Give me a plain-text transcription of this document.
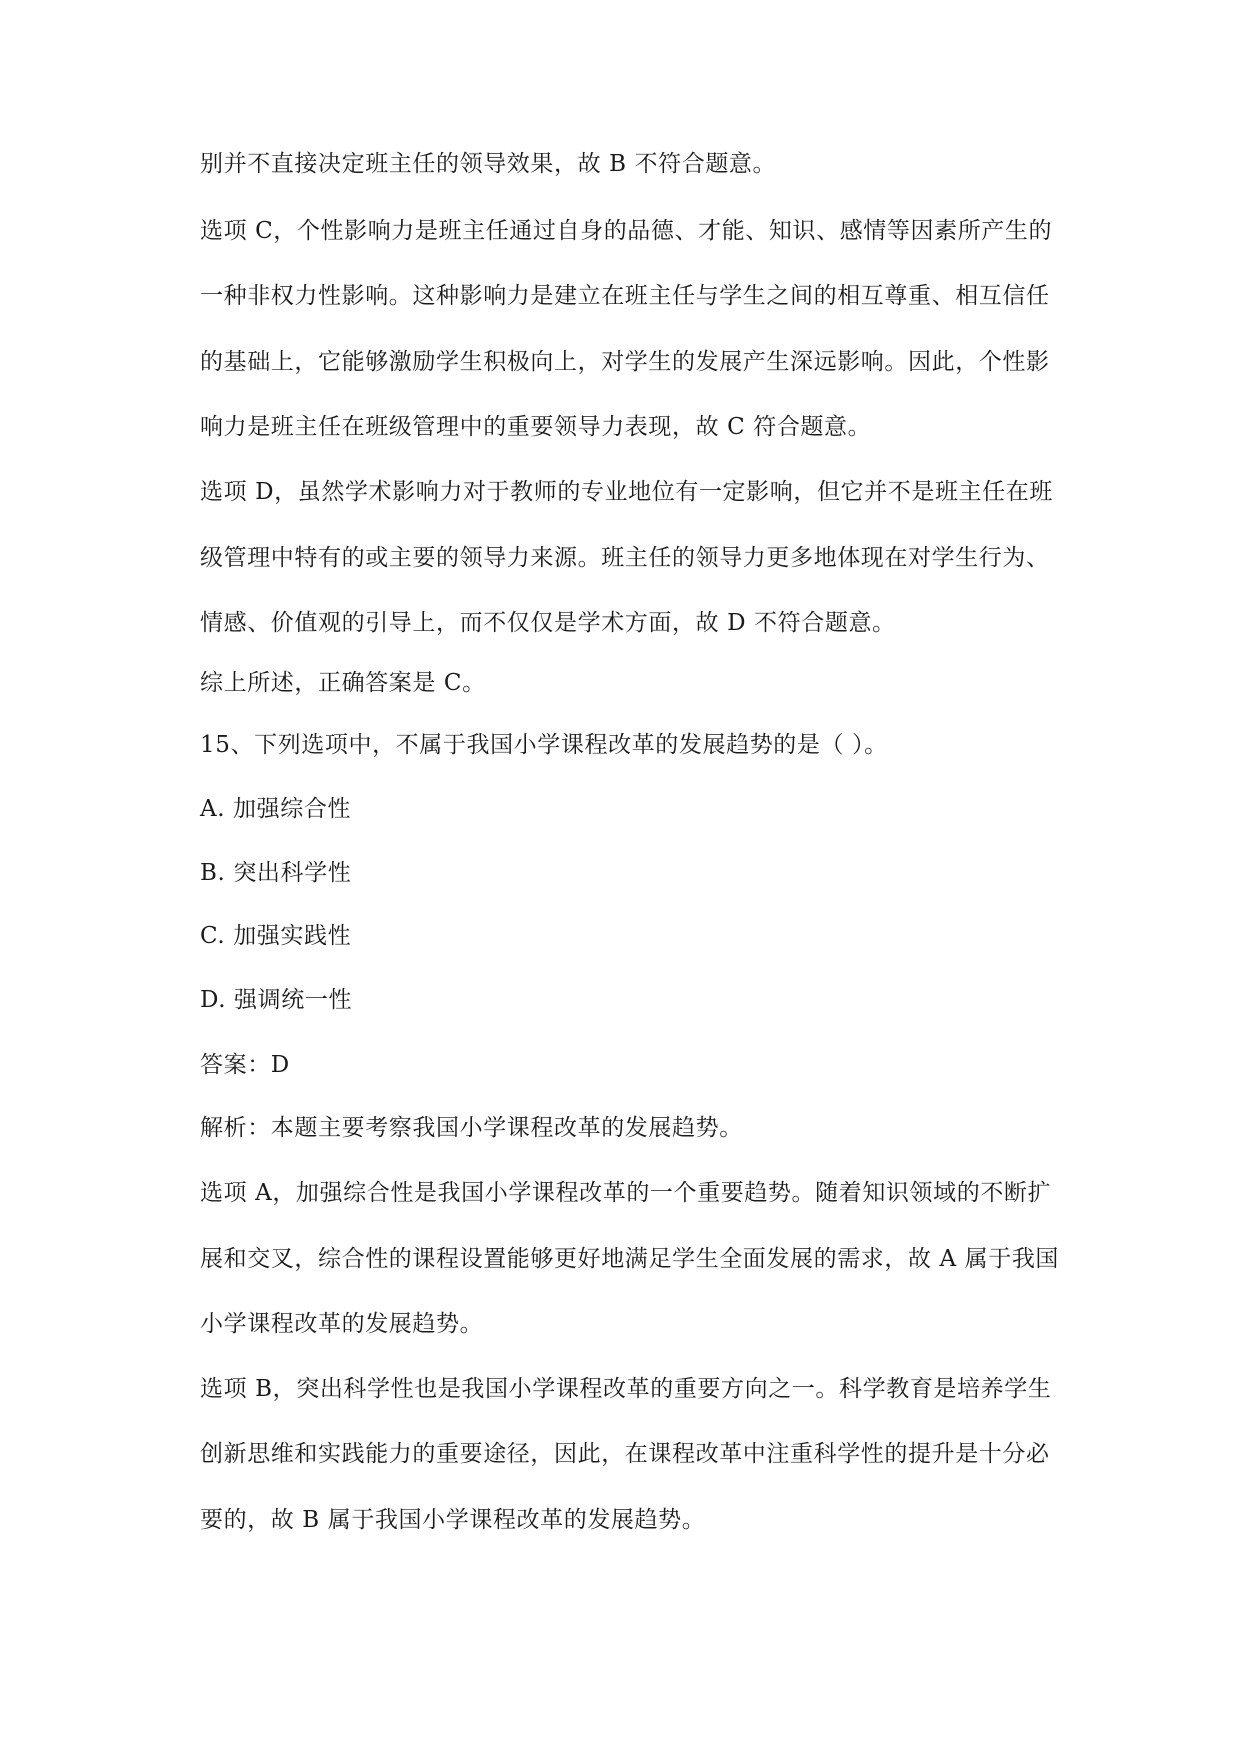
别并不直接决定班主任的领导效果，故 B 不符合题意。
选项 C，个性影响力是班主任通过自身的品德、才能、知识、感情等因素所产生的
一种非权力性影响。这种影响力是建立在班主任与学生之间的相互尊重、相互信任
的基础上，它能够激励学生积极向上，对学生的发展产生深远影响。因此，个性影
响力是班主任在班级管理中的重要领导力表现，故 C 符合题意。
选项 D，虽然学术影响力对于教师的专业地位有一定影响，但它并不是班主任在班
级管理中特有的或主要的领导力来源。班主任的领导力更多地体现在对学生行为、
情感、价值观的引导上，而不仅仅是学术方面，故 D 不符合题意。
综上所述，正确答案是 C。
15、下列选项中，不属于我国小学课程改革的发展趋势的是（ ）。
A. 加强综合性
B. 突出科学性
C. 加强实践性
D. 强调统一性
答案：D
解析：本题主要考察我国小学课程改革的发展趋势。
选项 A，加强综合性是我国小学课程改革的一个重要趋势。随着知识领域的不断扩
展和交叉，综合性的课程设置能够更好地满足学生全面发展的需求，故 A 属于我国
小学课程改革的发展趋势。
选项 B，突出科学性也是我国小学课程改革的重要方向之一。科学教育是培养学生
创新思维和实践能力的重要途径，因此，在课程改革中注重科学性的提升是十分必
要的，故 B 属于我国小学课程改革的发展趋势。
